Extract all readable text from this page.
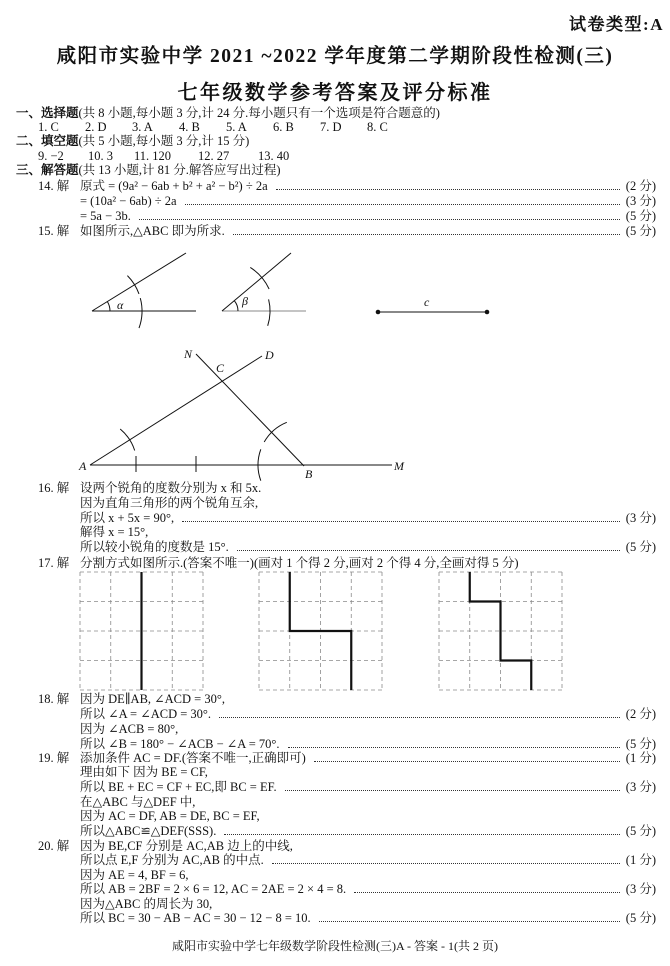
试卷类型:A
咸阳市实验中学 2021 ~2022 学年度第二学期阶段性检测(三)
七年级数学参考答案及评分标准
一、选择题(共 8 小题,每小题 3 分,计 24 分.每小题只有一个选项是符合题意的)
1. C	2. D	3. A	4. B	5. A	6. B	7. D	8. C
二、填空题(共 5 小题,每小题 3 分,计 15 分)
9. −2	10. 3	11. 120	12. 27	13. 40
三、解答题(共 13 小题,计 81 分.解答应写出过程)
14. 解 原式 = (9a² − 6ab + b² + a² − b²) ÷ 2a	(2 分)
= (10a² − 6ab) ÷ 2a	(3 分)
= 5a − 3b.	(5 分)
15. 解 如图所示,△ABC 即为所求.	(5 分)
α	β	c
N
C
D
A
B
M
16. 解 设两个锐角的度数分别为 x 和 5x.
因为直角三角形的两个锐角互余,
所以 x + 5x = 90°,	(3 分)
解得 x = 15°,
所以较小锐角的度数是 15°.	(5 分)
17. 解 分割方式如图所示.(答案不唯一)(画对 1 个得 2 分,画对 2 个得 4 分,全画对得 5 分)
18. 解 因为 DE∥AB, ∠ACD = 30°,
所以 ∠A = ∠ACD = 30°.	(2 分)
因为 ∠ACB = 80°,
所以 ∠B = 180° − ∠ACB − ∠A = 70°.	(5 分)
19. 解 添加条件 AC = DF.(答案不唯一,正确即可)	(1 分)
理由如下 因为 BE = CF,
所以 BE + EC = CF + EC,即 BC = EF.	(3 分)
在△ABC 与△DEF 中,
因为 AC = DF, AB = DE, BC = EF,
所以△ABC≌△DEF(SSS).	(5 分)
20. 解 因为 BE,CF 分别是 AC,AB 边上的中线,
所以点 E,F 分别为 AC,AB 的中点.	(1 分)
因为 AE = 4, BF = 6,
所以 AB = 2BF = 2 × 6 = 12, AC = 2AE = 2 × 4 = 8.	(3 分)
因为△ABC 的周长为 30,
所以 BC = 30 − AB − AC = 30 − 12 − 8 = 10.	(5 分)
咸阳市实验中学七年级数学阶段性检测(三)A - 答案 - 1(共 2 页)
